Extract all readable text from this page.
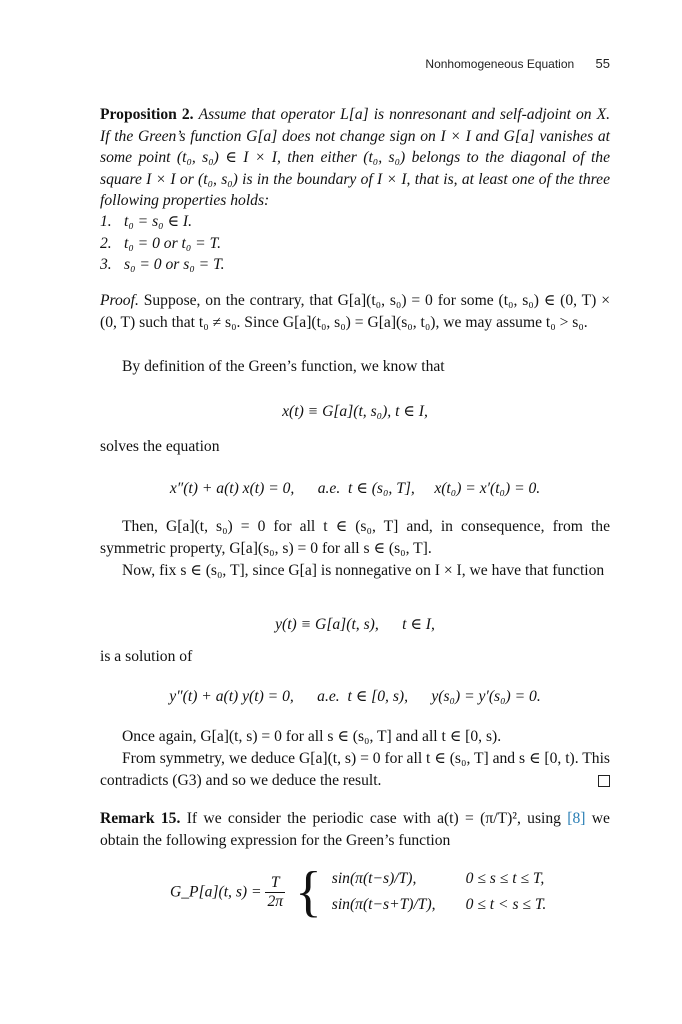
Nonhomogeneous Equation 55
Proposition 2. Assume that operator L[a] is nonresonant and self-adjoint on X. If the Green’s function G[a] does not change sign on I × I and G[a] vanishes at some point (t₀, s₀) ∈ I × I, then either (t₀, s₀) belongs to the diagonal of the square I × I or (t₀, s₀) is in the boundary of I × I, that is, at least one of the three following properties holds:
1. t₀ = s₀ ∈ I.
2. t₀ = 0 or t₀ = T.
3. s₀ = 0 or s₀ = T.
Proof. Suppose, on the contrary, that G[a](t₀, s₀) = 0 for some (t₀, s₀) ∈ (0, T) × (0, T) such that t₀ ≠ s₀. Since G[a](t₀, s₀) = G[a](s₀, t₀), we may assume t₀ > s₀.
By definition of the Green’s function, we know that
x(t) ≡ G[a](t, s₀), t ∈ I,
solves the equation
x″(t) + a(t) x(t) = 0,      a.e.  t ∈ (s₀, T],     x(t₀) = x′(t₀) = 0.
Then, G[a](t, s₀) = 0 for all t ∈ (s₀, T] and, in consequence, from the symmetric property, G[a](s₀, s) = 0 for all s ∈ (s₀, T].
Now, fix s ∈ (s₀, T], since G[a] is nonnegative on I × I, we have that function
y(t) ≡ G[a](t, s),      t ∈ I,
is a solution of
y″(t) + a(t) y(t) = 0,      a.e.  t ∈ [0, s),      y(s₀) = y′(s₀) = 0.
Once again, G[a](t, s) = 0 for all s ∈ (s₀, T] and all t ∈ [0, s).
From symmetry, we deduce G[a](t, s) = 0 for all t ∈ (s₀, T] and s ∈ [0, t). This contradicts (G3) and so we deduce the result.
Remark 15. If we consider the periodic case with a(t) = (π/T)², using [8] we obtain the following expression for the Green’s function
G_P[a](t, $s) = \frac{T}{2\pi}$ { sin(π(t−s)/T),	0 ≤ s ≤ t ≤ T,
sin(π(t−s+T)/T), 0 ≤ t < s ≤ T.
